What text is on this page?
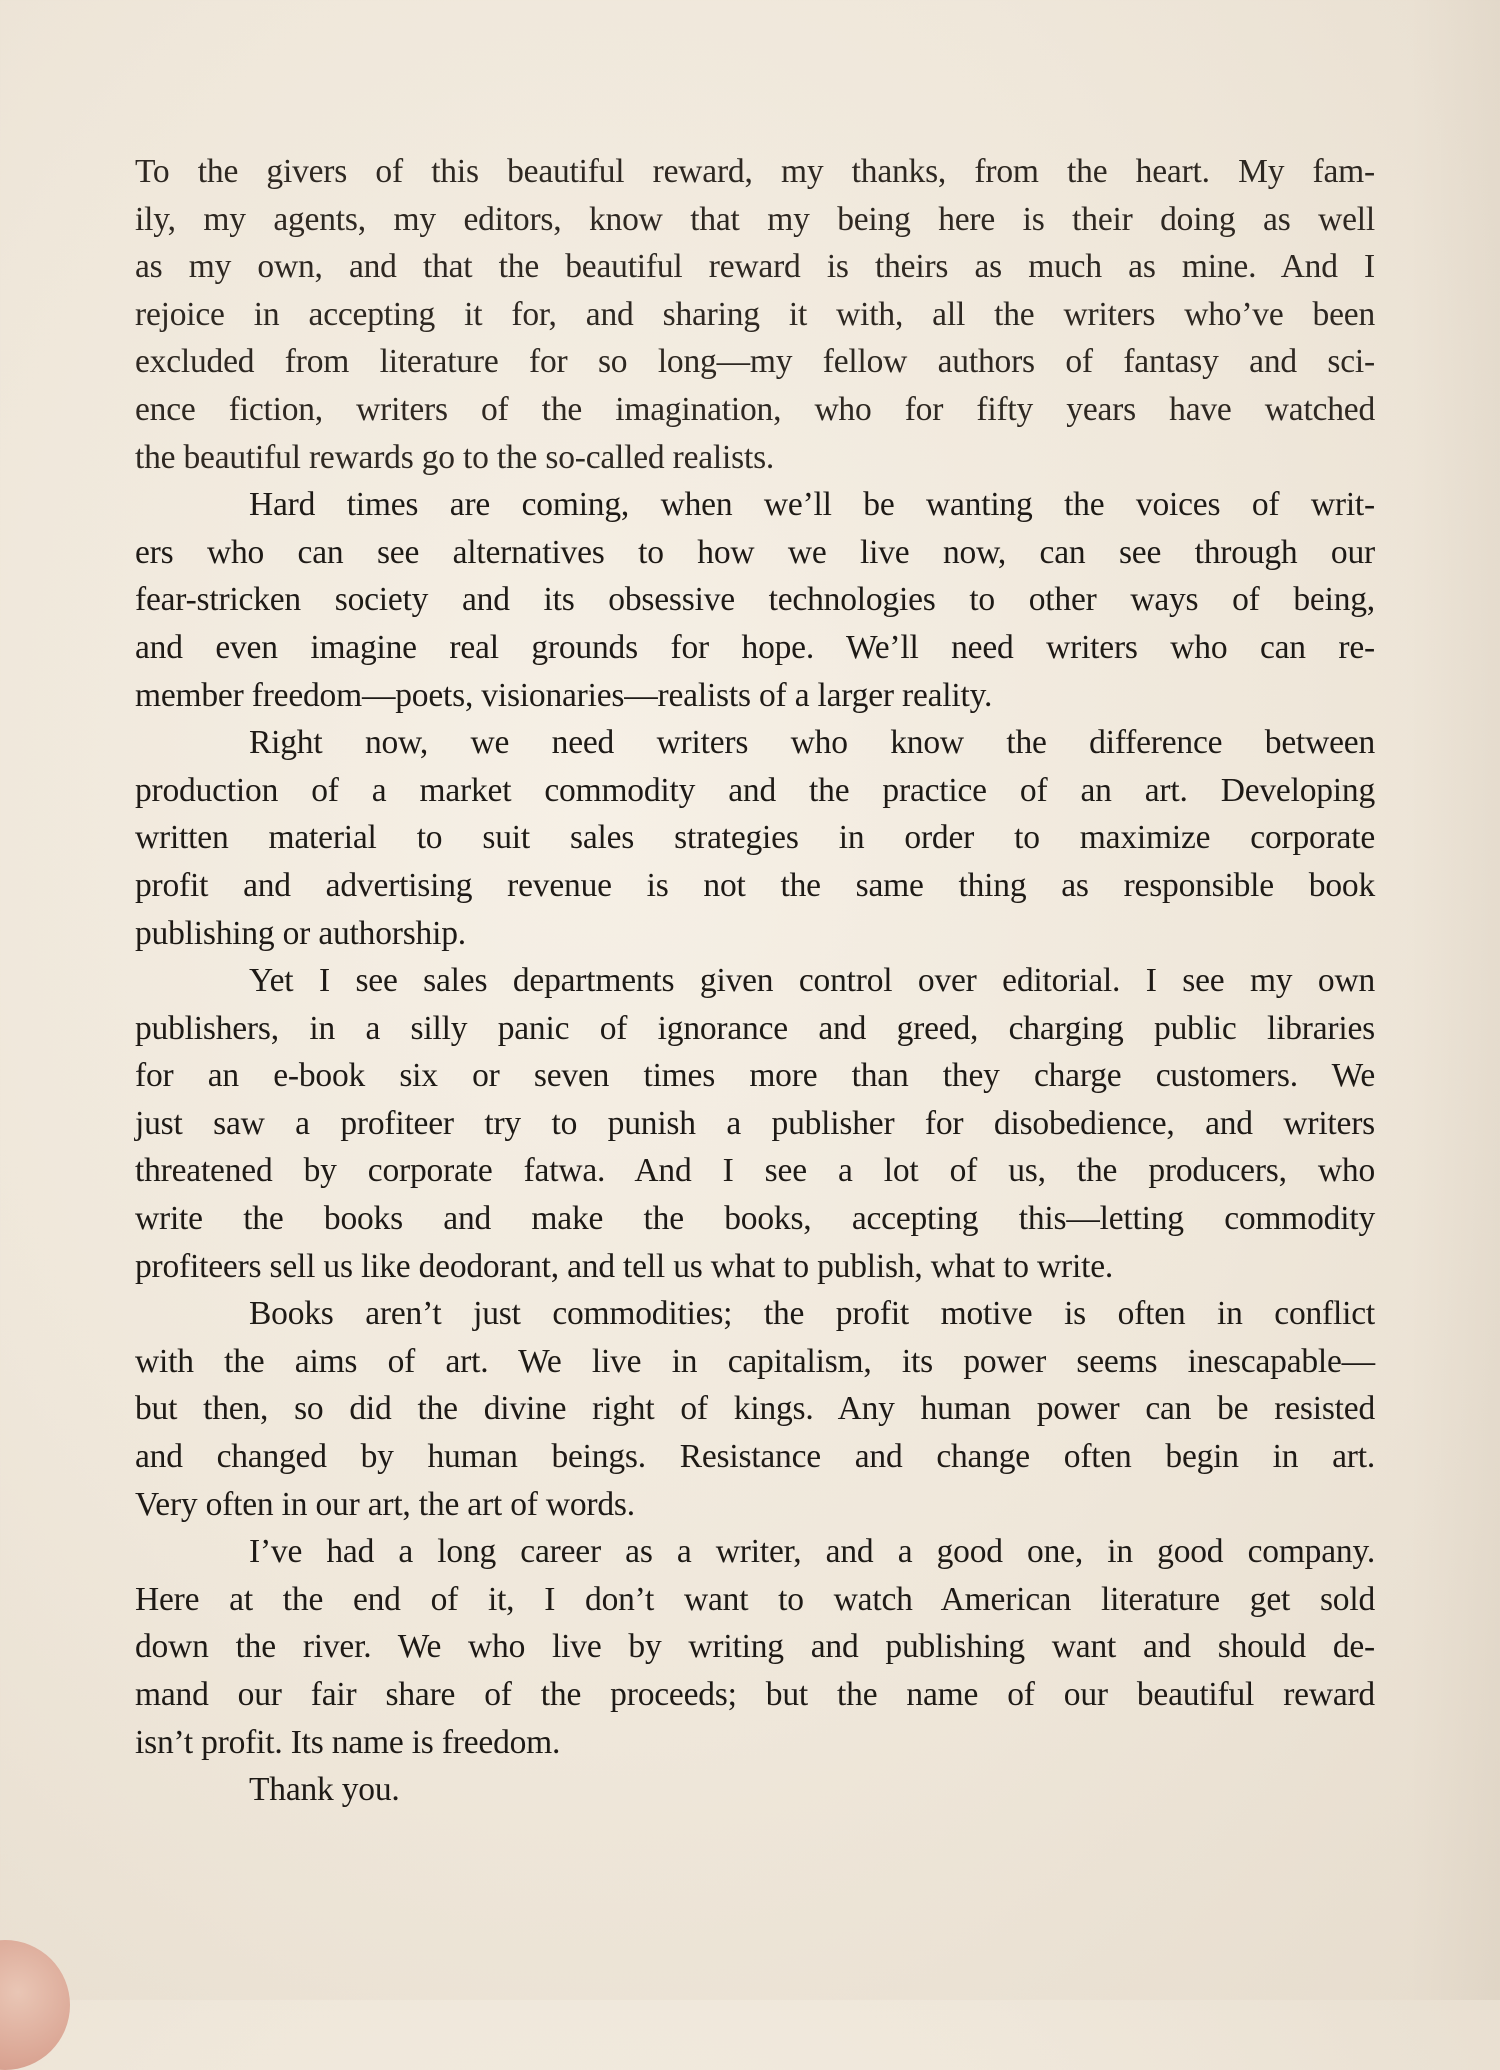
To the givers of this beautiful reward, my thanks, from the heart. My fam-
ily, my agents, my editors, know that my being here is their doing as well
as my own, and that the beautiful reward is theirs as much as mine. And I
rejoice in accepting it for, and sharing it with, all the writers who’ve been
excluded from literature for so long—my fellow authors of fantasy and sci-
ence fiction, writers of the imagination, who for fifty years have watched
the beautiful rewards go to the so-called realists.
Hard times are coming, when we’ll be wanting the voices of writ-
ers who can see alternatives to how we live now, can see through our
fear-stricken society and its obsessive technologies to other ways of being,
and even imagine real grounds for hope. We’ll need writers who can re-
member freedom—poets, visionaries—realists of a larger reality.
Right now, we need writers who know the difference between
production of a market commodity and the practice of an art. Developing
written material to suit sales strategies in order to maximize corporate
profit and advertising revenue is not the same thing as responsible book
publishing or authorship.
Yet I see sales departments given control over editorial. I see my own
publishers, in a silly panic of ignorance and greed, charging public libraries
for an e-book six or seven times more than they charge customers. We
just saw a profiteer try to punish a publisher for disobedience, and writers
threatened by corporate fatwa. And I see a lot of us, the producers, who
write the books and make the books, accepting this—letting commodity
profiteers sell us like deodorant, and tell us what to publish, what to write.
Books aren’t just commodities; the profit motive is often in conflict
with the aims of art. We live in capitalism, its power seems inescapable—
but then, so did the divine right of kings. Any human power can be resisted
and changed by human beings. Resistance and change often begin in art.
Very often in our art, the art of words.
I’ve had a long career as a writer, and a good one, in good company.
Here at the end of it, I don’t want to watch American literature get sold
down the river. We who live by writing and publishing want and should de-
mand our fair share of the proceeds; but the name of our beautiful reward
isn’t profit. Its name is freedom.
Thank you.
